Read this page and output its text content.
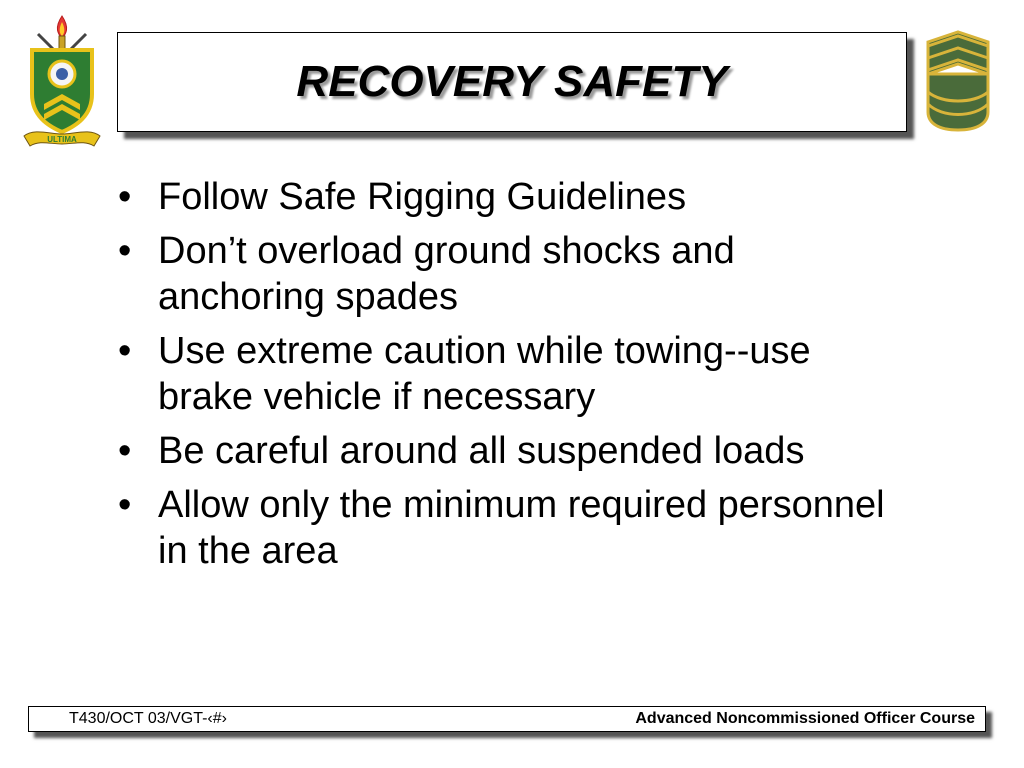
ULTIMA
RECOVERY SAFETY
• Follow Safe Rigging Guidelines
• Don’t overload ground shocks and anchoring spades
• Use extreme caution while towing--use brake vehicle if necessary
• Be careful around all suspended loads
• Allow only the minimum required personnel in the area
T430/OCT 03/VGT-‹#›	Advanced Noncommissioned Officer Course
